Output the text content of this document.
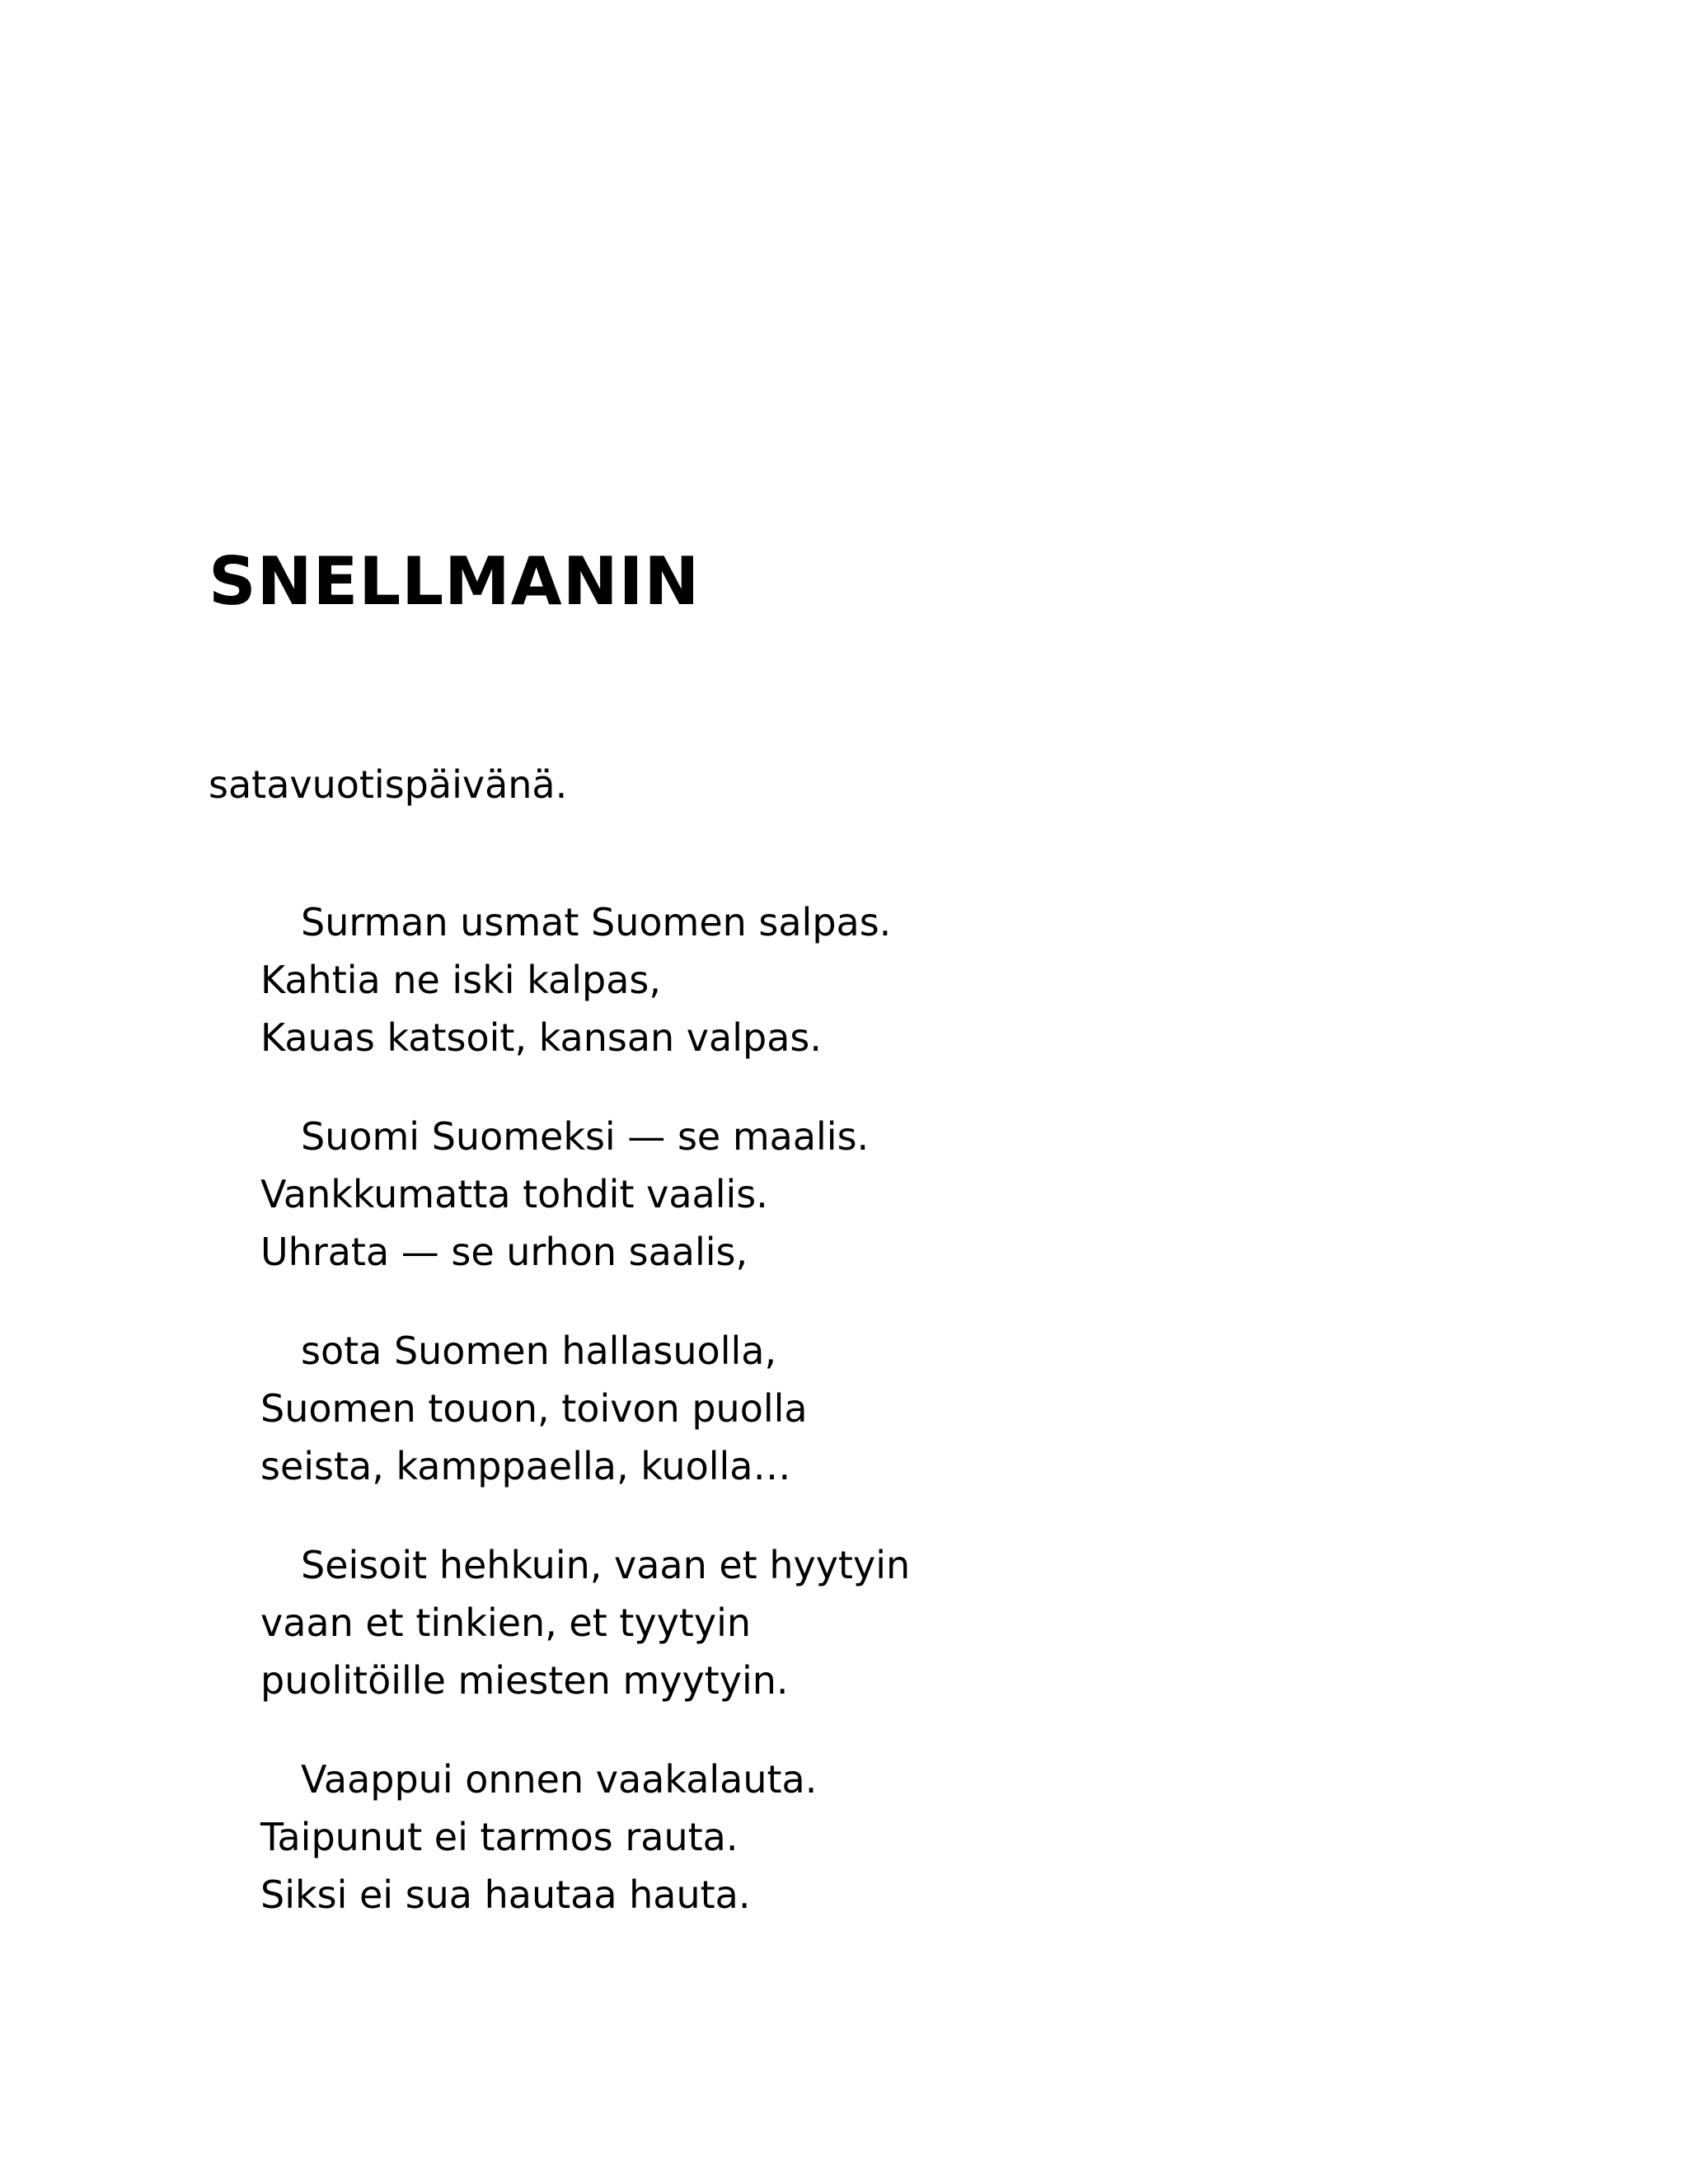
SNELLMANIN

satavuotispäivänä.

Surman usmat Suomen salpas.
Kahtia ne iski kalpas,
Kauas katsoit, kansan valpas.
Suomi Suomeksi — se maalis.
Vankkumatta tohdit vaalis.
Uhrata — se urhon saalis,
sota Suomen hallasuolla,
Suomen touon, toivon puolla
seista, kamppaella, kuolla…
Seisoit hehkuin, vaan et hyytyin
vaan et tinkien, et tyytyin
puolitöille miesten myytyin.
Vaappui onnen vaakalauta.
Taipunut ei tarmos rauta.
Siksi ei sua hautaa hauta.
